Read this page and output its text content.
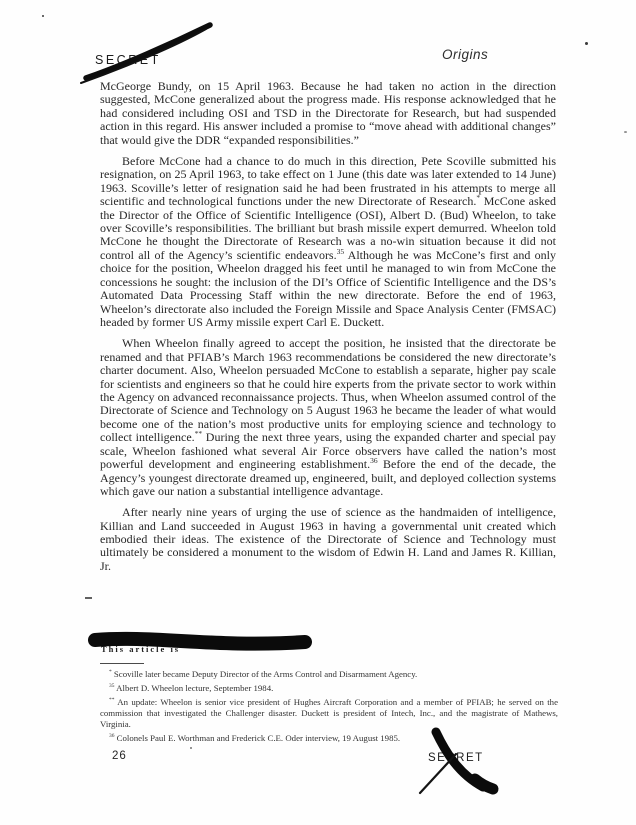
SECRET	Origins

McGeorge Bundy, on 15 April 1963. Because he had taken no action in the direction suggested, McCone generalized about the progress made. His response acknowledged that he had considered including OSI and TSD in the Directorate for Research, but had suspended action in this regard. His answer included a promise to “move ahead with additional changes” that would give the DDR “expanded responsibilities.”

Before McCone had a chance to do much in this direction, Pete Scoville submitted his resignation, on 25 April 1963, to take effect on 1 June (this date was later extended to 14 June) 1963. Scoville’s letter of resignation said he had been frustrated in his attempts to merge all scientific and technological functions under the new Directorate of Research.* McCone asked the Director of the Office of Scientific Intelligence (OSI), Albert D. (Bud) Wheelon, to take over Scoville’s responsibilities. The brilliant but brash missile expert demurred. Wheelon told McCone he thought the Directorate of Research was a no-win situation because it did not control all of the Agency’s scientific endeavors.$^{35}$ Although he was McCone’s first and only choice for the position, Wheelon dragged his feet until he managed to win from McCone the concessions he sought: the inclusion of the DI’s Office of Scientific Intelligence and the DS’s Automated Data Processing Staff within the new directorate. Before the end of 1963, Wheelon’s directorate also included the Foreign Missile and Space Analysis Center (FMSAC) headed by former US Army missile expert Carl E. Duckett.

When Wheelon finally agreed to accept the position, he insisted that the directorate be renamed and that PFIAB’s March 1963 recommendations be considered the new directorate’s charter document. Also, Wheelon persuaded McCone to establish a separate, higher pay scale for scientists and engineers so that he could hire experts from the private sector to work within the Agency on advanced reconnaissance projects. Thus, when Wheelon assumed control of the Directorate of Science and Technology on 5 August 1963 he became the leader of what would become one of the nation’s most productive units for employing science and technology to collect intelligence.** During the next three years, using the expanded charter and special pay scale, Wheelon fashioned what several Air Force observers have called the nation’s most powerful development and engineering establishment.$^{36}$ Before the end of the decade, the Agency’s youngest directorate dreamed up, engineered, built, and deployed collection systems which gave our nation a substantial intelligence advantage.

After nearly nine years of urging the use of science as the handmaiden of intelligence, Killian and Land succeeded in August 1963 in having a governmental unit created which embodied their ideas. The existence of the Directorate of Science and Technology must ultimately be considered a monument to the wisdom of Edwin H. Land and James R. Killian, Jr.

This article is

* Scoville later became Deputy Director of the Arms Control and Disarmament Agency.

$^{35}$ Albert D. Wheelon lecture, September 1984.

** An update: Wheelon is senior vice president of Hughes Aircraft Corporation and a member of PFIAB; he served on the commission that investigated the Challenger disaster. Duckett is president of Intech, Inc., and the magistrate of Mathews, Virginia.

$^{36}$ Colonels Paul E. Worthman and Frederick C.E. Oder interview, 19 August 1985.

26	SECRET
